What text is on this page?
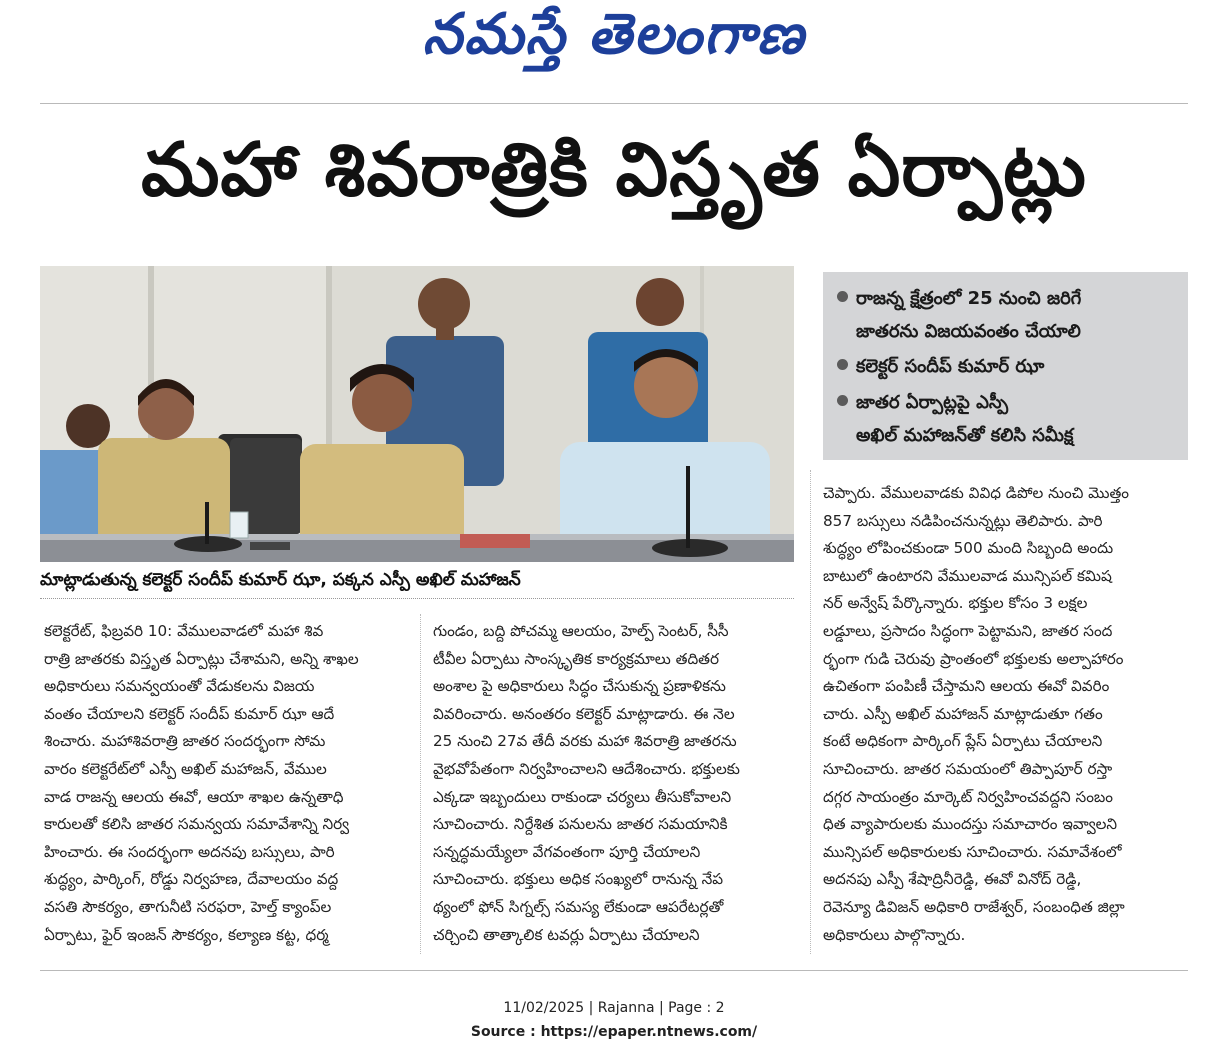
నమస్తే తెలంగాణ
మహా శివరాత్రికి విస్తృత ఏర్పాట్లు
మాట్లాడుతున్న కలెక్టర్ సందీప్ కుమార్ ఝా, పక్కన ఎస్పీ అఖిల్ మహాజన్
రాజన్న క్షేత్రంలో 25 నుంచి జరిగే
జాతరను విజయవంతం చేయాలి
కలెక్టర్ సందీప్ కుమార్ ఝా
జాతర ఏర్పాట్లపై ఎస్పీ
అఖిల్ మహాజన్‌తో కలిసి సమీక్ష
కలెక్టరేట్, ఫిబ్రవరి 10: వేములవాడలో మహా శివ
రాత్రి జాతరకు విస్తృత ఏర్పాట్లు చేశామని, అన్ని శాఖల
అధికారులు సమన్వయంతో వేడుకలను విజయ
వంతం చేయాలని కలెక్టర్ సందీప్ కుమార్ ఝా ఆదే
శించారు. మహాశివరాత్రి జాతర సందర్భంగా సోమ
వారం కలెక్టరేట్‌లో ఎస్పీ అఖిల్ మహాజన్, వేముల
వాడ రాజన్న ఆలయ ఈవో, ఆయా శాఖల ఉన్నతాధి
కారులతో కలిసి జాతర సమన్వయ సమావేశాన్ని నిర్వ
హించారు. ఈ సందర్భంగా అదనపు బస్సులు, పారి
శుద్ధ్యం, పార్కింగ్, రోడ్డు నిర్వహణ, దేవాలయం వద్ద
వసతి సౌకర్యం, తాగునీటి సరఫరా, హెల్త్ క్యాంప్‌ల
ఏర్పాటు, ఫైర్ ఇంజన్ సౌకర్యం, కల్యాణ కట్ట, ధర్మ
గుండం, బద్ది పోచమ్మ ఆలయం, హెల్ప్ సెంటర్, సీసీ
టీవీల ఏర్పాటు సాంస్కృతిక కార్యక్రమాలు తదితర
అంశాల పై అధికారులు సిద్ధం చేసుకున్న ప్రణాళికను
వివరించారు. అనంతరం కలెక్టర్ మాట్లాడారు. ఈ నెల
25 నుంచి 27వ తేదీ వరకు మహా శివరాత్రి జాతరను
వైభవోపేతంగా నిర్వహించాలని ఆదేశించారు. భక్తులకు
ఎక్కడా ఇబ్బందులు రాకుండా చర్యలు తీసుకోవాలని
సూచించారు. నిర్దేశిత పనులను జాతర సమయానికి
సన్నద్ధమయ్యేలా వేగవంతంగా పూర్తి చేయాలని
సూచించారు. భక్తులు అధిక సంఖ్యలో రానున్న నేప
థ్యంలో ఫోన్ సిగ్నల్స్ సమస్య లేకుండా ఆపరేటర్లతో
చర్చించి తాత్కాలిక టవర్లు ఏర్పాటు చేయాలని
చెప్పారు. వేములవాడకు వివిధ డిపోల నుంచి మొత్తం
857 బస్సులు నడిపించనున్నట్లు తెలిపారు. పారి
శుద్ధ్యం లోపించకుండా 500 మంది సిబ్బంది అందు
బాటులో ఉంటారని వేములవాడ మున్సిపల్ కమిష
నర్ అన్వేష్ పేర్కొన్నారు. భక్తుల కోసం 3 లక్షల
లడ్డూలు, ప్రసాదం సిద్ధంగా పెట్టామని, జాతర సంద
ర్భంగా గుడి చెరువు ప్రాంతంలో భక్తులకు అల్పాహారం
ఉచితంగా పంపిణీ చేస్తామని ఆలయ ఈవో వివరిం
చారు. ఎస్పీ అఖిల్ మహాజన్ మాట్లాడుతూ గతం
కంటే అధికంగా పార్కింగ్ ప్లేస్ ఏర్పాటు చేయాలని
సూచించారు. జాతర సమయంలో తిప్పాపూర్ రస్తా
దగ్గర సాయంత్రం మార్కెట్ నిర్వహించవద్దని సంబం
ధిత వ్యాపారులకు ముందస్తు సమాచారం ఇవ్వాలని
మున్సిపల్ అధికారులకు సూచించారు. సమావేశంలో
అదనపు ఎస్పీ శేషాద్రినీరెడ్డి, ఈవో వినోద్ రెడ్డి,
రెవెన్యూ డివిజన్ అధికారి రాజేశ్వర్, సంబంధిత జిల్లా
అధికారులు పాల్గొన్నారు.
11/02/2025 | Rajanna | Page : 2
Source : https://epaper.ntnews.com/
